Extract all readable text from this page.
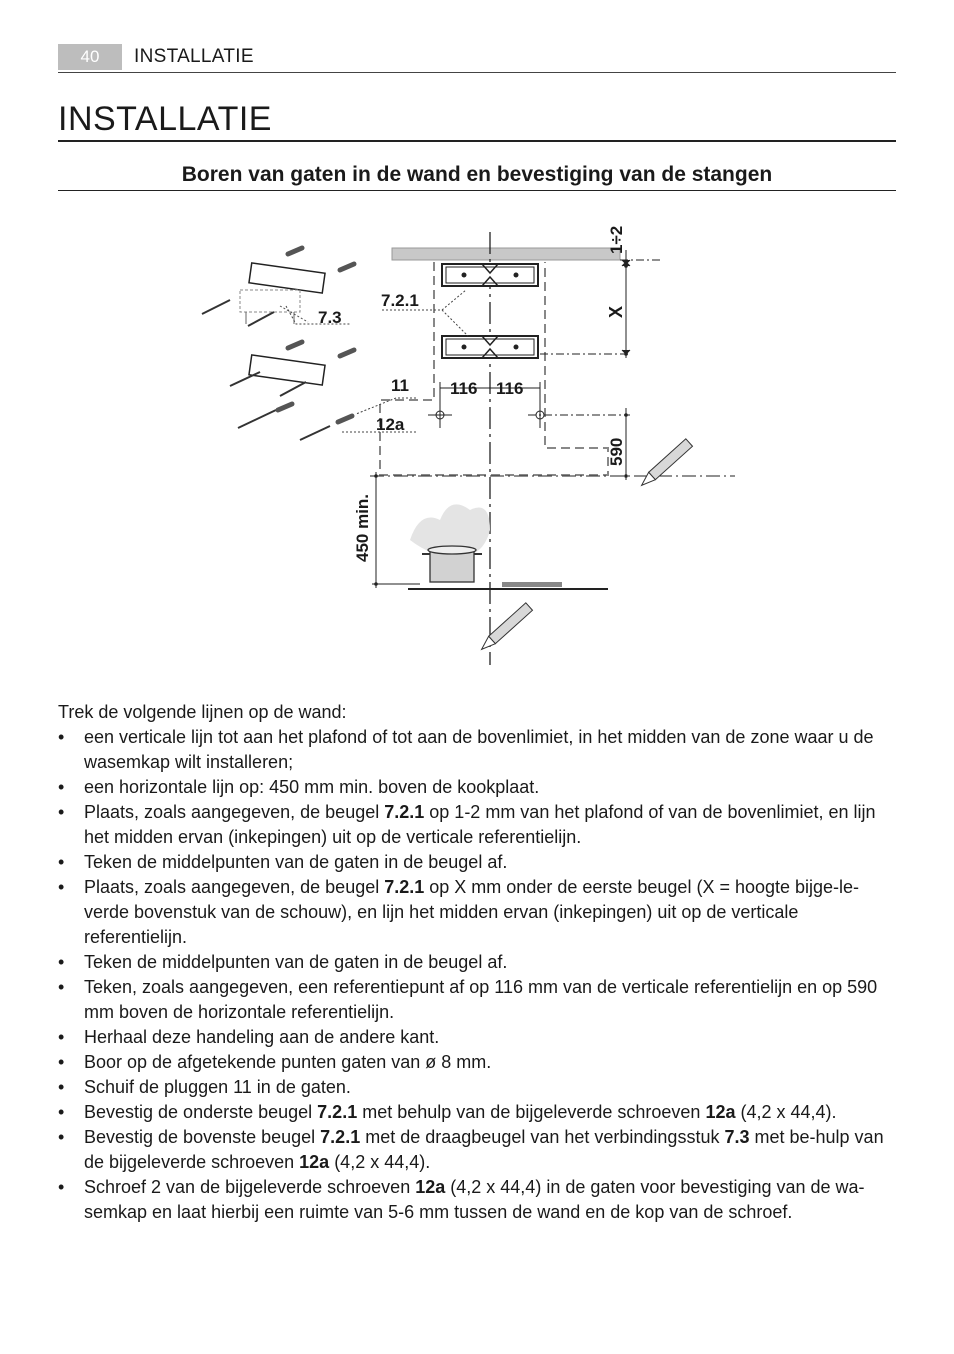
40	INSTALLATIE
INSTALLATIE
Boren van gaten in de wand en bevestiging van de stangen
1÷2
X
116 116
590
450 min.
7.3
7.2.1
11
12a

Trek de volgende lijnen op de wand:

• een verticale lijn tot aan het plafond of tot aan de bovenlimiet, in het midden van de zone waar u de wasemkap wilt installeren;
• een horizontale lijn op: 450 mm min. boven de kookplaat.
• Plaats, zoals aangegeven, de beugel 7.2.1 op 1-2 mm van het plafond of van de bovenlimiet, en lijn het midden ervan (inkepingen) uit op de verticale referentielijn.
• Teken de middelpunten van de gaten in de beugel af.
• Plaats, zoals aangegeven, de beugel 7.2.1 op X mm onder de eerste beugel (X = hoogte bijge-le-verde bovenstuk van de schouw), en lijn het midden ervan (inkepingen) uit op de verticale referentielijn.
• Teken de middelpunten van de gaten in de beugel af.
• Teken, zoals aangegeven, een referentiepunt af op 116 mm van de verticale referentielijn en op 590 mm boven de horizontale referentielijn.
• Herhaal deze handeling aan de andere kant.
• Boor op de afgetekende punten gaten van ø 8 mm.
• Schuif de pluggen 11 in de gaten.
• Bevestig de onderste beugel 7.2.1 met behulp van de bijgeleverde schroeven 12a (4,2 x 44,4).
• Bevestig de bovenste beugel 7.2.1 met de draagbeugel van het verbindingsstuk 7.3 met be-hulp van de bijgeleverde schroeven 12a (4,2 x 44,4).
• Schroef 2 van de bijgeleverde schroeven 12a (4,2 x 44,4) in de gaten voor bevestiging van de wa-semkap en laat hierbij een ruimte van 5-6 mm tussen de wand en de kop van de schroef.
